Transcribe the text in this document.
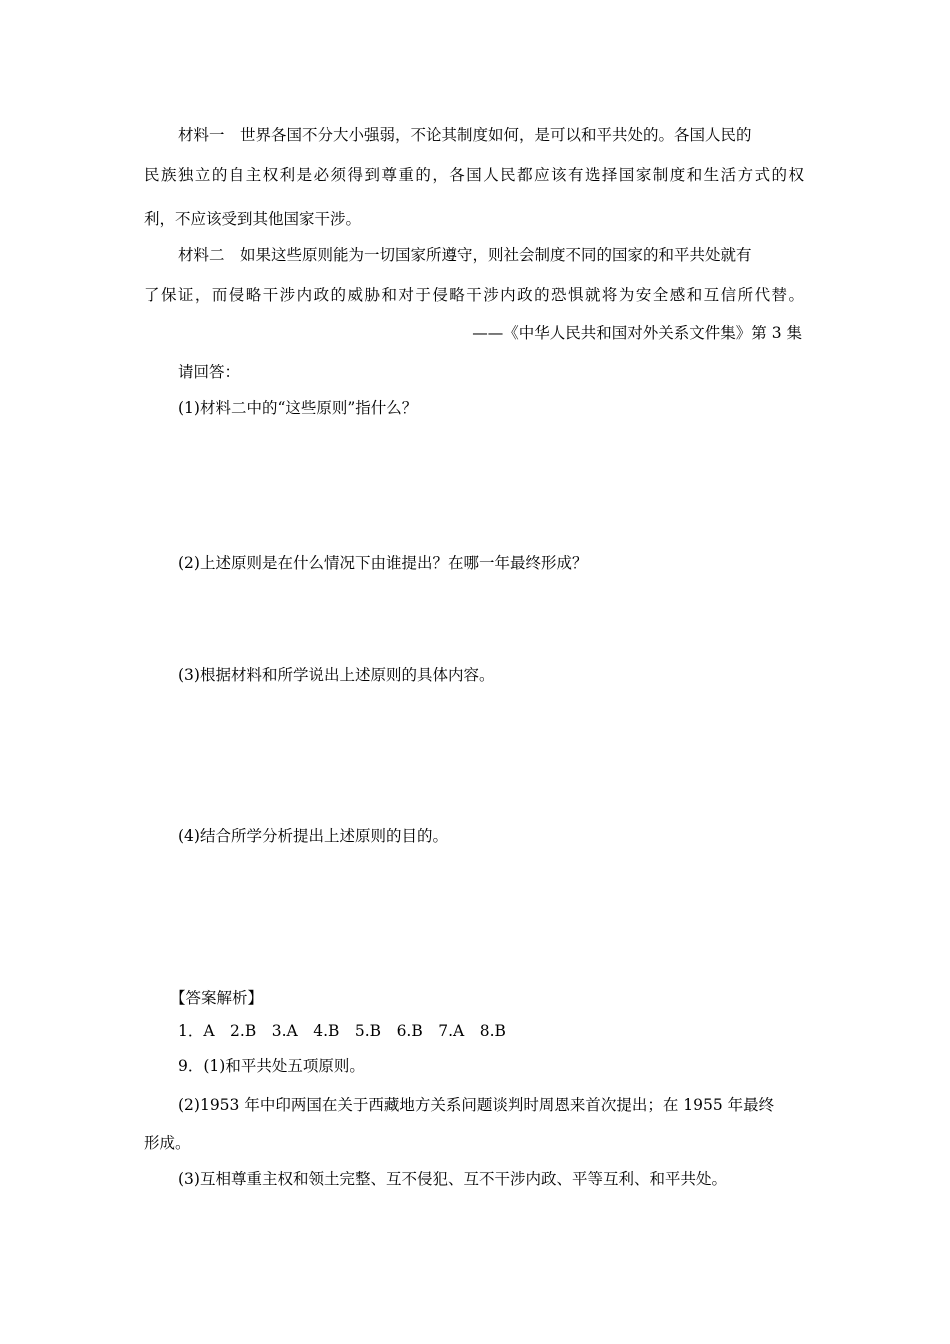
材料一　世界各国不分大小强弱，不论其制度如何，是可以和平共处的。各国人民的
民族独立的自主权利是必须得到尊重的，各国人民都应该有选择国家制度和生活方式的权
利，不应该受到其他国家干涉。
材料二　如果这些原则能为一切国家所遵守，则社会制度不同的国家的和平共处就有
了保证，而侵略干涉内政的威胁和对于侵略干涉内政的恐惧就将为安全感和互信所代替。
——《中华人民共和国对外关系文件集》第 3 集
请回答：
(1)材料二中的“这些原则”指什么？
(2)上述原则是在什么情况下由谁提出？在哪一年最终形成？
(3)根据材料和所学说出上述原则的具体内容。
(4)结合所学分析提出上述原则的目的。
【答案解析】
1．A　2.B　3.A　4.B　5.B　6.B　7.A　8.B
9．(1)和平共处五项原则。
(2)1953 年中印两国在关于西藏地方关系问题谈判时周恩来首次提出；在 1955 年最终
形成。
(3)互相尊重主权和领土完整、互不侵犯、互不干涉内政、平等互利、和平共处。
